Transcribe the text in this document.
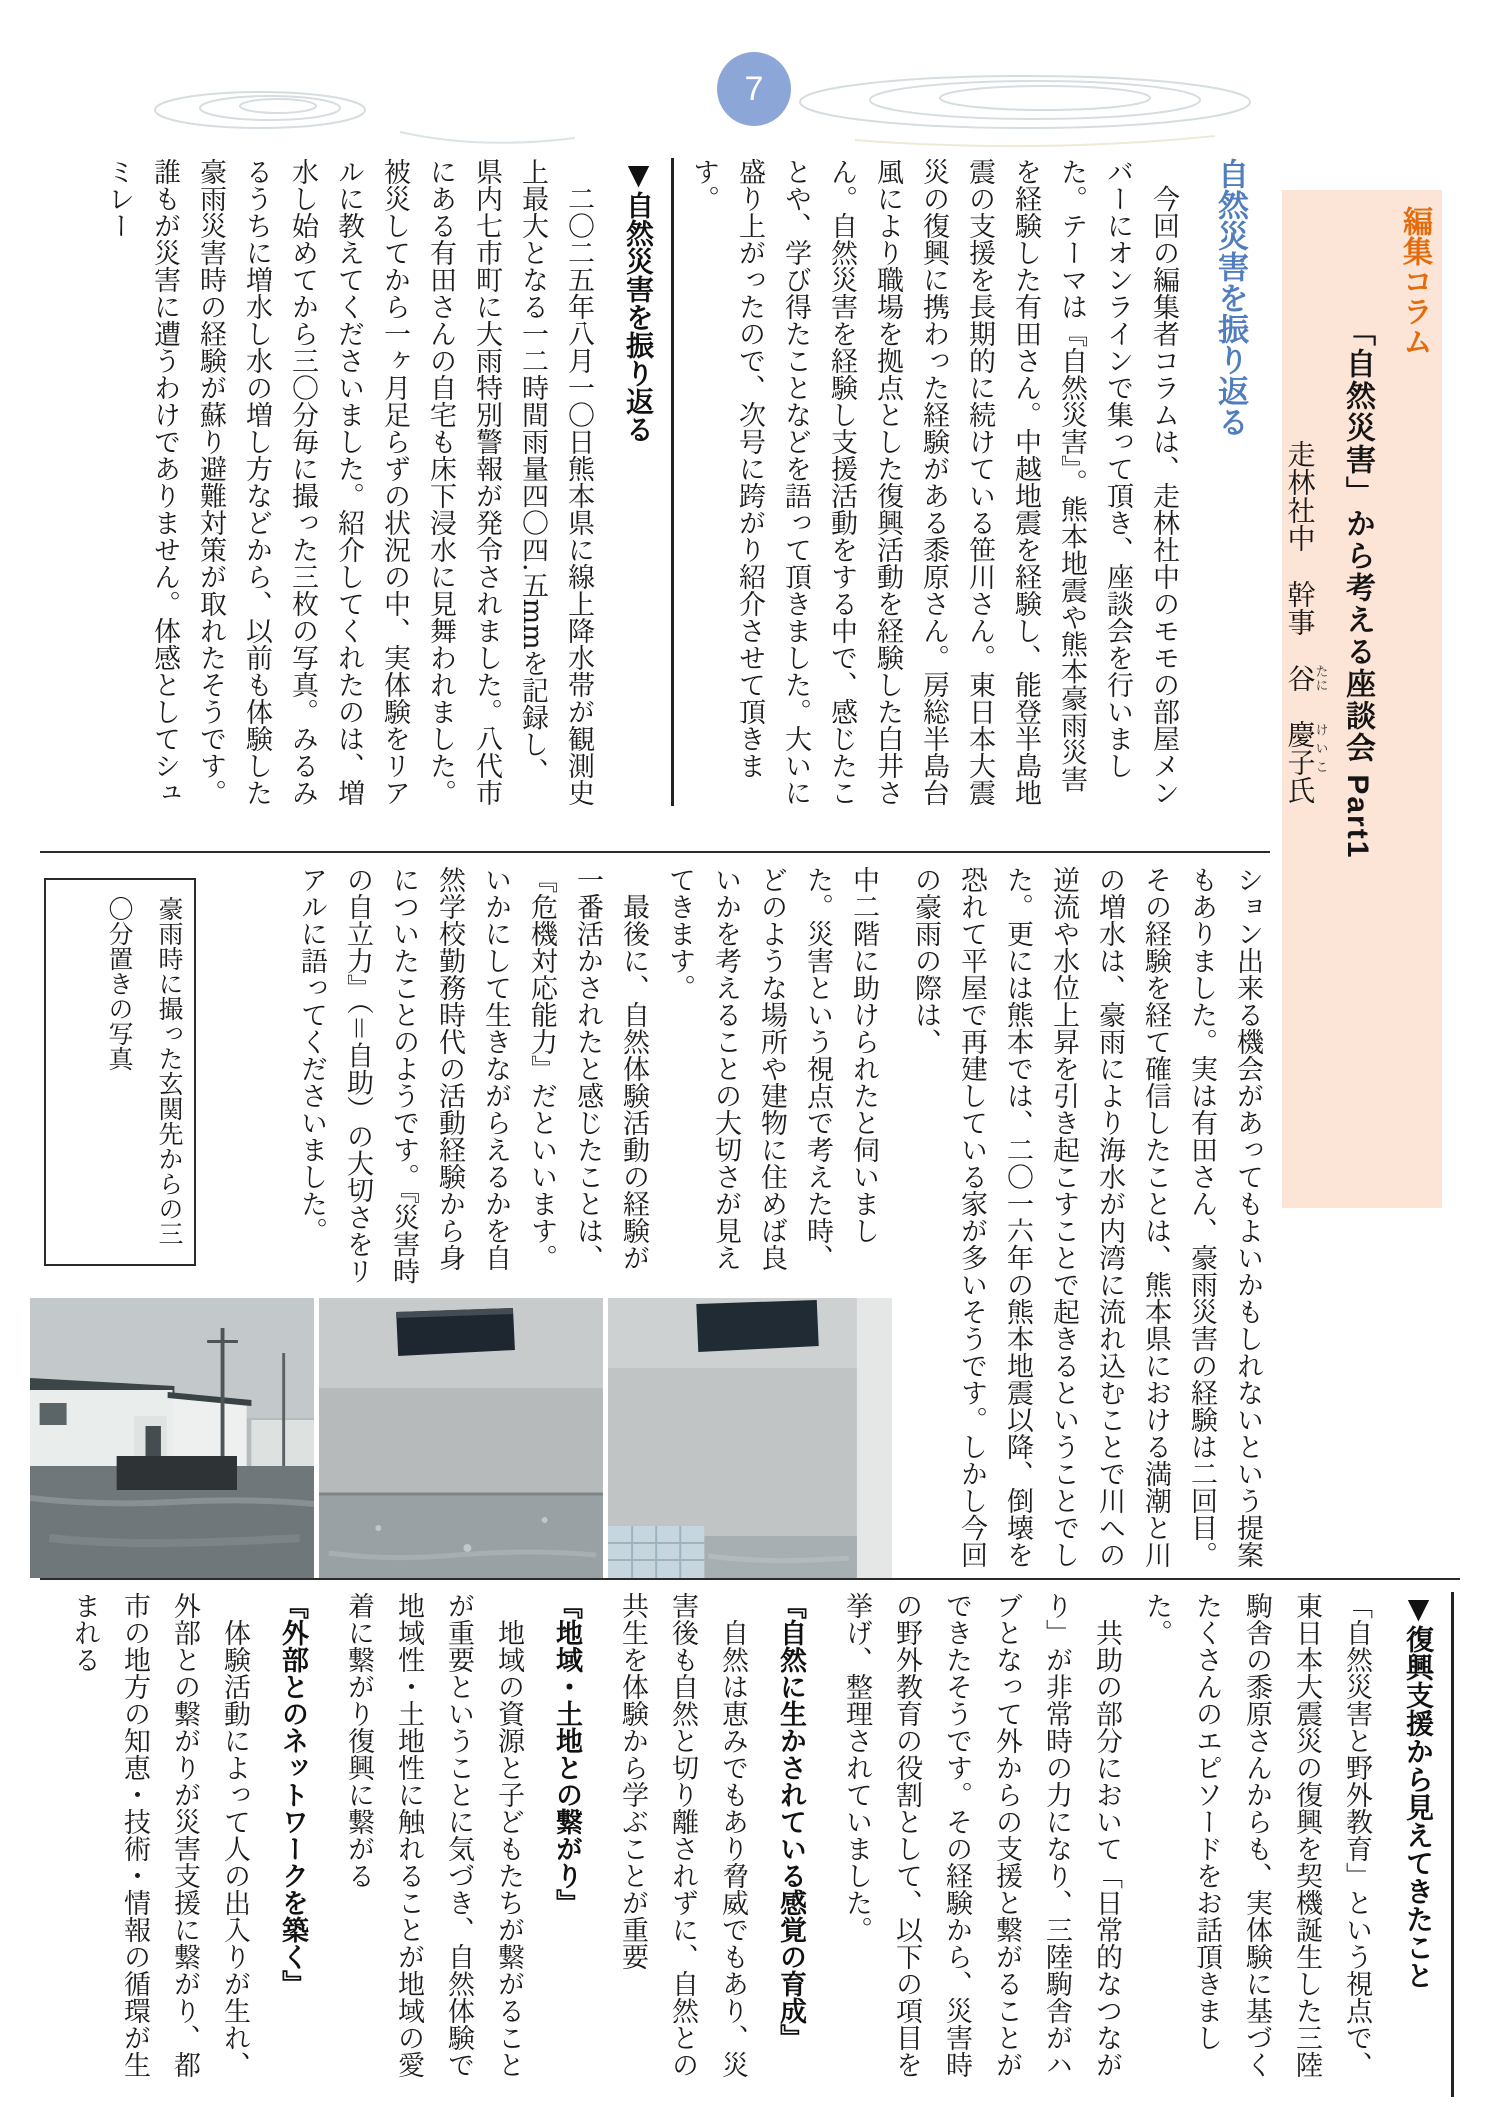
7
編集コラム
「自然災害」から考える座談会 Part1
走林社中　幹事　谷たに　慶子けいこ氏
自然災害を振り返る

今回の編集者コラムは、走林社中のモモの部屋メンバーにオンラインで集って頂き、座談会を行いました。テーマは『自然災害』。熊本地震や熊本豪雨災害を経験した有田さん。中越地震を経験し、能登半島地震の支援を長期的に続けている笹川さん。東日本大震災の復興に携わった経験がある黍原さん。房総半島台風により職場を拠点とした復興活動を経験した白井さん。自然災害を経験し支援活動をする中で、感じたことや、学び得たことなどを語って頂きました。大いに盛り上がったので、次号に跨がり紹介させて頂きます。

▼自然災害を振り返る

二〇二五年八月一〇日熊本県に線上降水帯が観測史上最大となる一二時間雨量四〇四.五mmを記録し、県内七市町に大雨特別警報が発令されました。八代市にある有田さんの自宅も床下浸水に見舞われました。被災してから一ヶ月足らずの状況の中、実体験をリアルに教えてくださいました。紹介してくれたのは、増水し始めてから三〇分毎に撮った三枚の写真。みるみるうちに増水し水の増し方などから、以前も体験した豪雨災害時の経験が蘇り避難対策が取れたそうです。誰もが災害に遭うわけでありません。体感としてシュミレー

ション出来る機会があってもよいかもしれないという提案もありました。実は有田さん、豪雨災害の経験は二回目。その経験を経て確信したことは、熊本県における満潮と川の増水は、豪雨により海水が内湾に流れ込むことで川への逆流や水位上昇を引き起こすことで起きるということでした。更には熊本では、二〇一六年の熊本地震以降、倒壊を恐れて平屋で再建している家が多いそうです。しかし今回の豪雨の際は、

中二階に助けられたと伺いました。災害という視点で考えた時、どのような場所や建物に住めば良いかを考えることの大切さが見えてきます。

最後に、自然体験活動の経験が一番活かされたと感じたことは、『危機対応能力』だといいます。いかにして生きながらえるかを自然学校勤務時代の活動経験から身についたことのようです。『災害時の自立力』（＝自助）の大切さをリアルに語ってくださいました。

豪雨時に撮った玄関先からの三〇分置きの写真

▼復興支援から見えてきたこと

「自然災害と野外教育」という視点で、東日本大震災の復興を契機誕生した三陸駒舎の黍原さんからも、実体験に基づくたくさんのエピソードをお話頂きました。

共助の部分において「日常的なつながり」が非常時の力になり、三陸駒舎がハブとなって外からの支援と繋がることができたそうです。その経験から、災害時の野外教育の役割として、以下の項目を挙げ、整理されていました。

『自然に生かされている感覚の育成』

自然は恵みでもあり脅威でもあり、災害後も自然と切り離されずに、自然との共生を体験から学ぶことが重要

『地域・土地との繋がり』

地域の資源と子どもたちが繋がることが重要ということに気づき、自然体験で地域性・土地性に触れることが地域の愛着に繋がり復興に繋がる

『外部とのネットワークを築く』

体験活動によって人の出入りが生れ、外部との繋がりが災害支援に繋がり、都市の地方の知恵・技術・情報の循環が生まれる
